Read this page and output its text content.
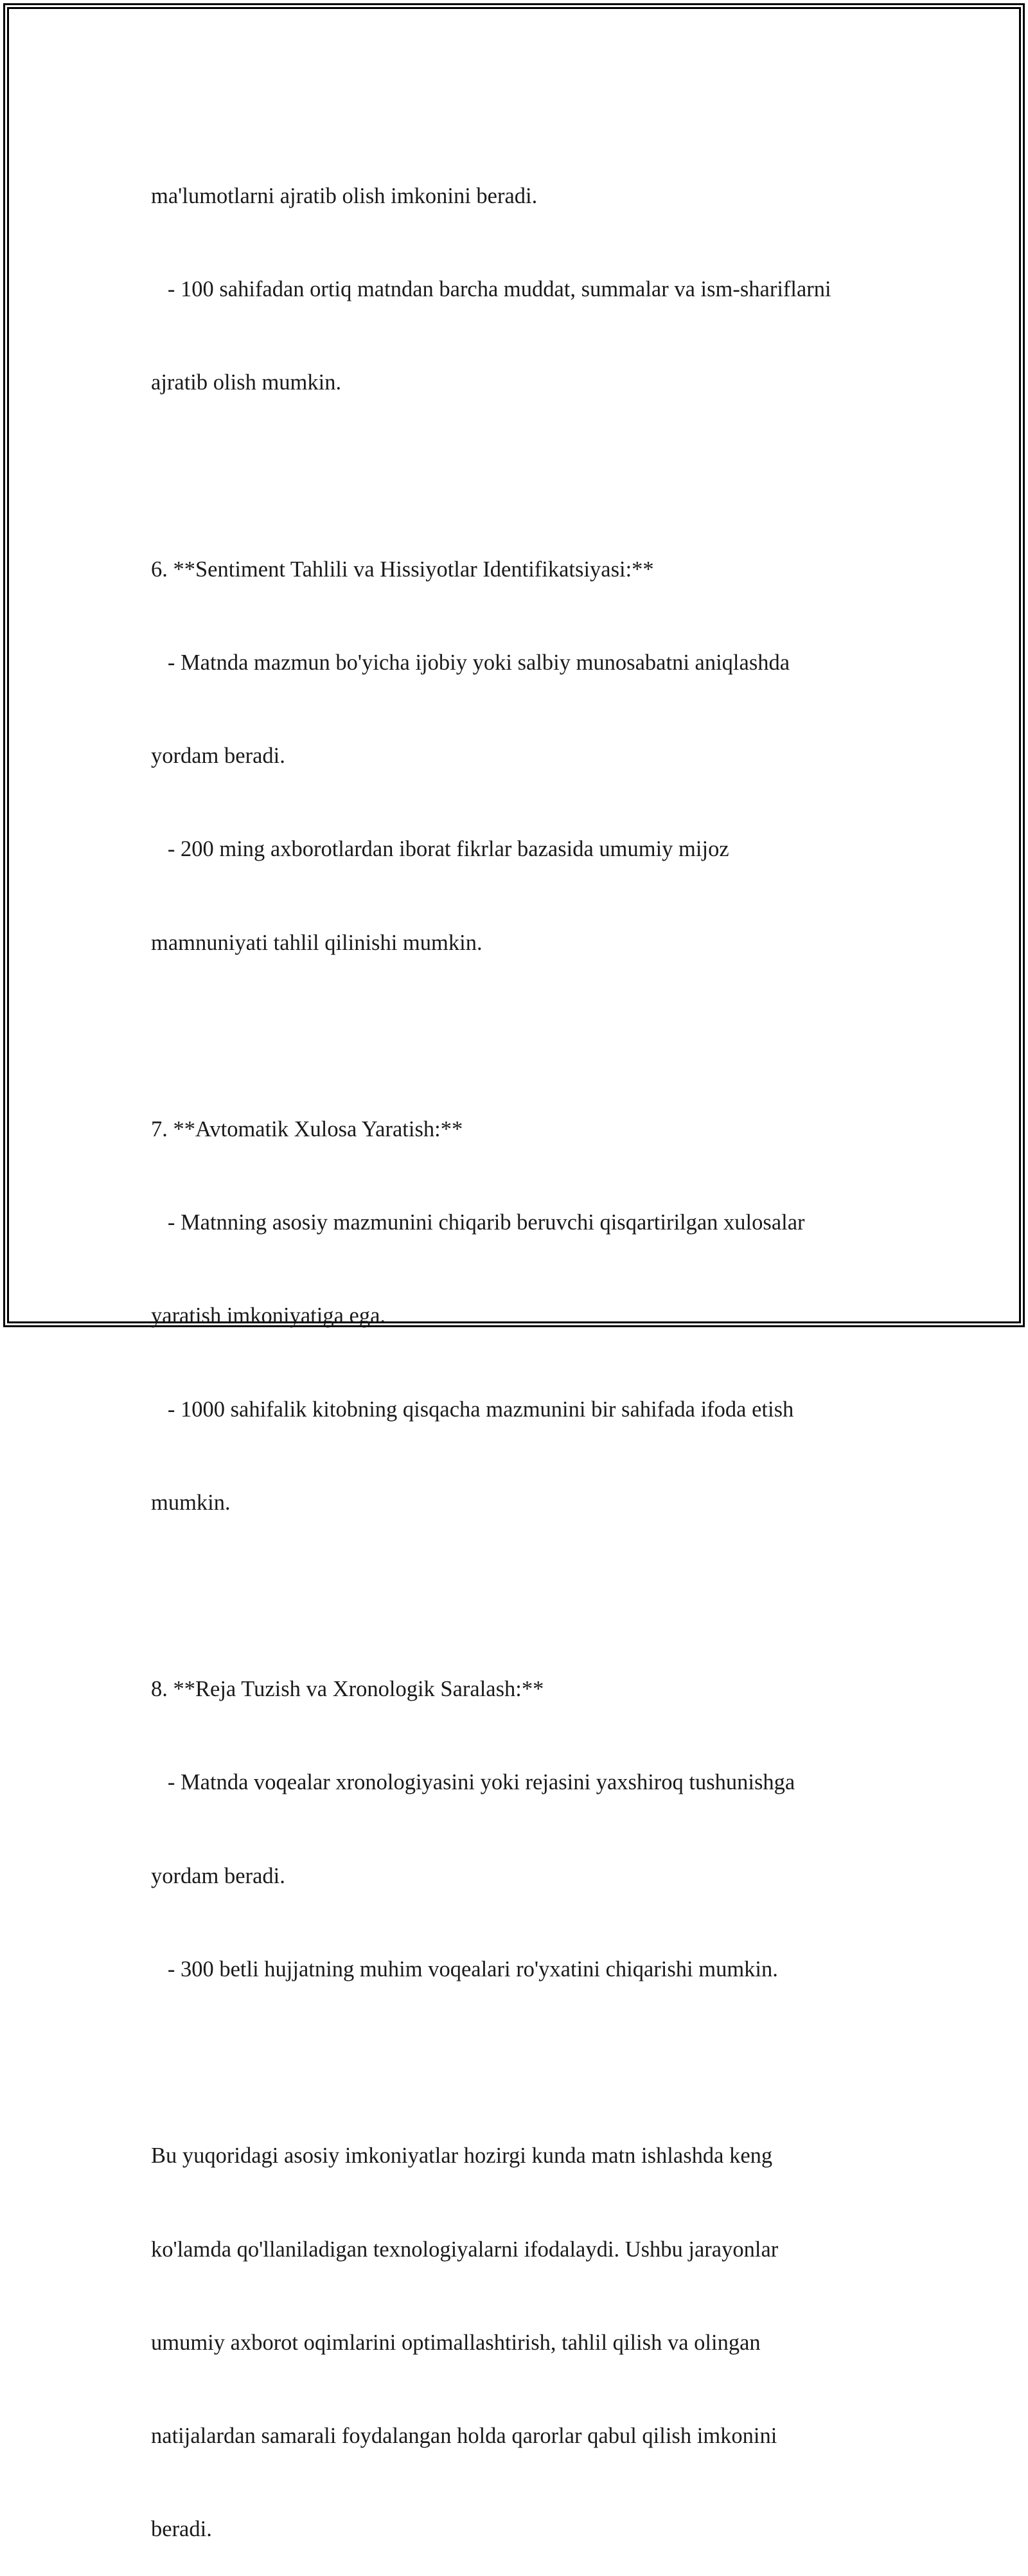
ma'lumotlarni ajratib olish imkonini beradi.

- 100 sahifadan ortiq matndan barcha muddat, summalar va ism-shariflarni

ajratib olish mumkin.

6. **Sentiment Tahlili va Hissiyotlar Identifikatsiyasi:**

- Matnda mazmun bo'yicha ijobiy yoki salbiy munosabatni aniqlashda

yordam beradi.

- 200 ming axborotlardan iborat fikrlar bazasida umumiy mijoz

mamnuniyati tahlil qilinishi mumkin.

7. **Avtomatik Xulosa Yaratish:**

- Matnning asosiy mazmunini chiqarib beruvchi qisqartirilgan xulosalar

yaratish imkoniyatiga ega.

- 1000 sahifalik kitobning qisqacha mazmunini bir sahifada ifoda etish

mumkin.

8. **Reja Tuzish va Xronologik Saralash:**

- Matnda voqealar xronologiyasini yoki rejasini yaxshiroq tushunishga

yordam beradi.

- 300 betli hujjatning muhim voqealari ro'yxatini chiqarishi mumkin.

Bu yuqoridagi asosiy imkoniyatlar hozirgi kunda matn ishlashda keng

ko'lamda qo'llaniladigan texnologiyalarni ifodalaydi. Ushbu jarayonlar

umumiy axborot oqimlarini optimallashtirish, tahlil qilish va olingan

natijalardan samarali foydalangan holda qarorlar qabul qilish imkonini

beradi.
